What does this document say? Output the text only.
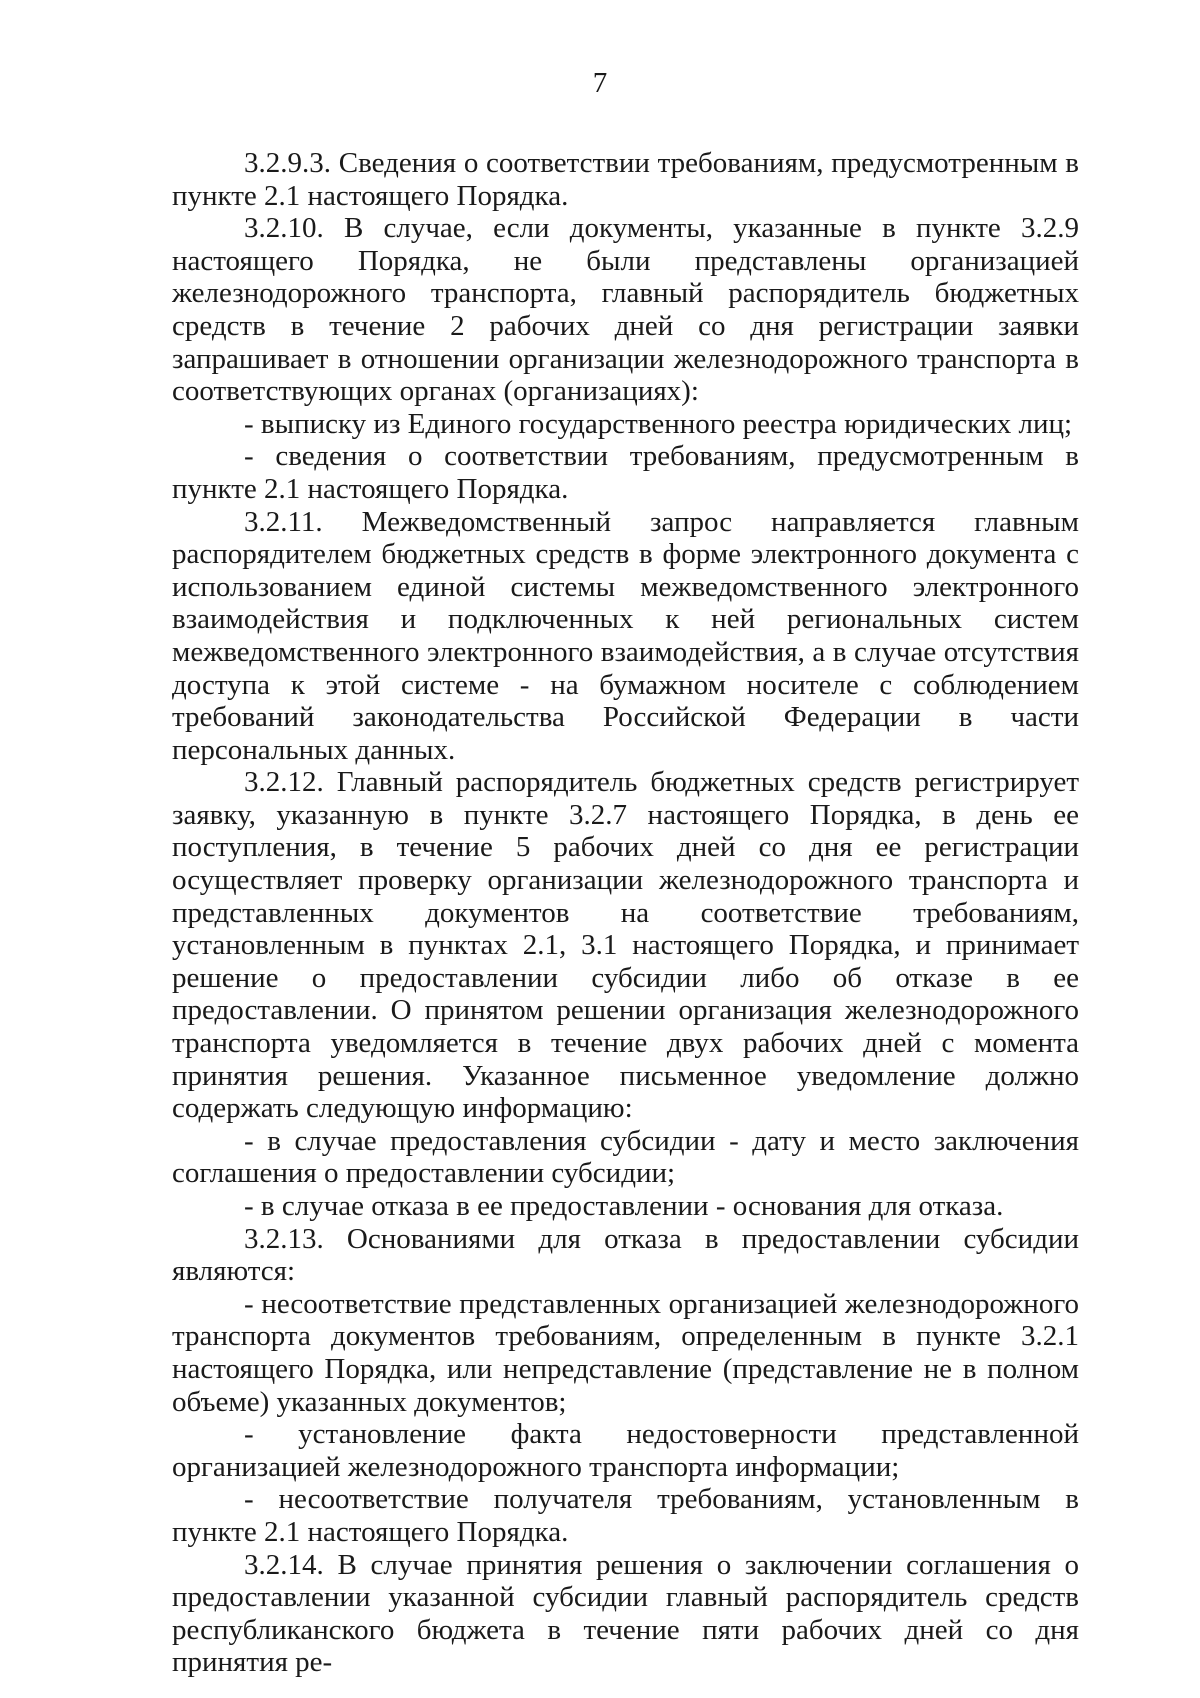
7

3.2.9.3. Сведения о соответствии требованиям, предусмотренным в пункте 2.1 настоящего Порядка.

3.2.10. В случае, если документы, указанные в пункте 3.2.9 настоящего Порядка, не были представлены организацией железнодорожного транспорта, главный распорядитель бюджетных средств в течение 2 рабочих дней со дня регистрации заявки запрашивает в отношении организации железнодорожного транспорта в соответствующих органах (организациях):

- выписку из Единого государственного реестра юридических лиц;

- сведения о соответствии требованиям, предусмотренным в пункте 2.1 настоящего Порядка.

3.2.11. Межведомственный запрос направляется главным распорядителем бюджетных средств в форме электронного документа с использованием единой системы межведомственного электронного взаимодействия и подключенных к ней региональных систем межведомственного электронного взаимодействия, а в случае отсутствия доступа к этой системе - на бумажном носителе с соблюдением требований законодательства Российской Федерации в части персональных данных.

3.2.12. Главный распорядитель бюджетных средств регистрирует заявку, указанную в пункте 3.2.7 настоящего Порядка, в день ее поступления, в течение 5 рабочих дней со дня ее регистрации осуществляет проверку организации железнодорожного транспорта и представленных документов на соответствие требованиям, установленным в пунктах 2.1, 3.1 настоящего Порядка, и принимает решение о предоставлении субсидии либо об отказе в ее предоставлении. О принятом решении организация железнодорожного транспорта уведомляется в течение двух рабочих дней с момента принятия решения. Указанное письменное уведомление должно содержать следующую информацию:

- в случае предоставления субсидии - дату и место заключения соглашения о предоставлении субсидии;

- в случае отказа в ее предоставлении - основания для отказа.

3.2.13. Основаниями для отказа в предоставлении субсидии являются:

- несоответствие представленных организацией железнодорожного транспорта документов требованиям, определенным в пункте 3.2.1 настоящего Порядка, или непредставление (представление не в полном объеме) указанных документов;

- установление факта недостоверности представленной организацией железнодорожного транспорта информации;

- несоответствие получателя требованиям, установленным в пункте 2.1 настоящего Порядка.

3.2.14. В случае принятия решения о заключении соглашения о предоставлении указанной субсидии главный распорядитель средств республиканского бюджета в течение пяти рабочих дней со дня принятия ре-
